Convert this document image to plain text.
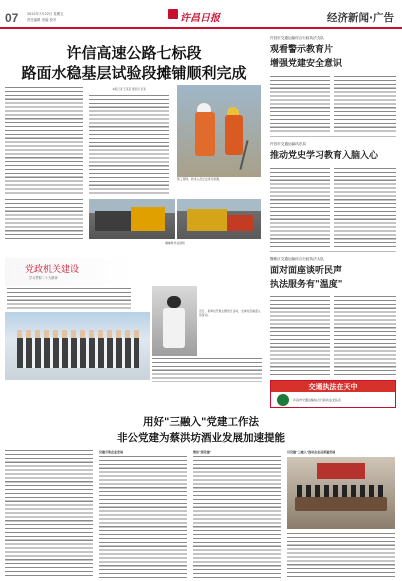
07	2022年7月22日 星期五
责任编辑 美编 校对	许昌日报	经济新闻·广告
许信高速公路七标段
路面水稳基层试验段摊铺顺利完成
本报记者 王某某 通讯员 李某
施工现场，技术人员正在进行检测。
摊铺机作业现场
党政机关建设
学习贯彻二十大精神
近日，某单位开展主题党日活动，全体党员重温入党誓词。
许昌市交通运输综合行政执法支队
观看警示教育片
增强党建安全意识
许昌市交通运输执法局
推动党史学习教育入脑入心
魏都区交通运输综合行政执法大队
面对面座谈听民声
执法服务有"温度"
交通执法在天中
许昌市交通运输综合行政执法支队宣
用好"三融入"党建工作法
非公党建为蔡洪坊酒业发展加速提能
党建引领企业发展	聚焦"强党建"	以党建"三融入"推动企业高质量发展
